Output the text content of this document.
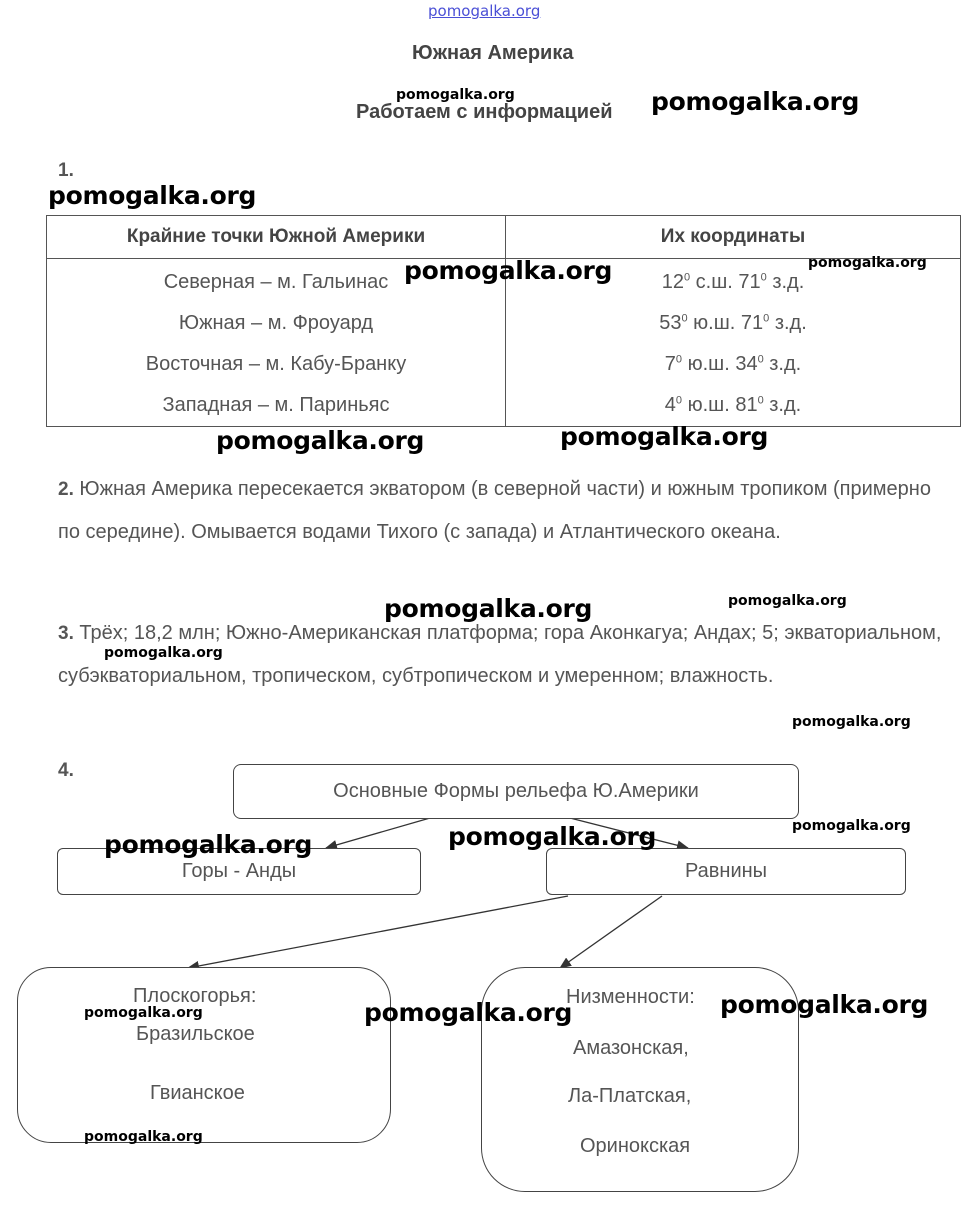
pomogalka.org
Южная Америка
Работаем с информацией
1.
Крайние точки Южной Америки	Их координаты
Северная – м. Гальинас	$12^0$ с.ш. $71^0$ з.д.
Южная – м. Фроуард	$53^0$ ю.ш. $71^0$ з.д.
Восточная – м. Кабу-Бранку	$7^0$ ю.ш. $34^0$ з.д.
Западная – м. Париньяс	$4^0$ ю.ш. $81^0$ з.д.
2. Южная Америка пересекается экватором (в северной части) и южным тропиком (примерно по середине). Омывается водами Тихого (с запада) и Атлантического океана.
3. Трёх; 18,2 млн; Южно-Американская платформа; гора Аконкагуа; Андах; 5; экваториальном, субэкваториальном, тропическом, субтропическом и умеренном; влажность.
4.
Основные Формы рельефа Ю.Америки
Горы - Анды	Равнины
Плоскогорья:
Бразильское
Гвианское
Низменности:
Амазонская,
Ла-Платская,
Оринокская
pomogalka.org	pomogalka.org
pomogalka.org
pomogalka.org	pomogalka.org
pomogalka.org	pomogalka.org
pomogalka.org	pomogalka.org
pomogalka.org
pomogalka.org
pomogalka.org	pomogalka.org	pomogalka.org
pomogalka.org
pomogalka.org
pomogalka.org
pomogalka.org
